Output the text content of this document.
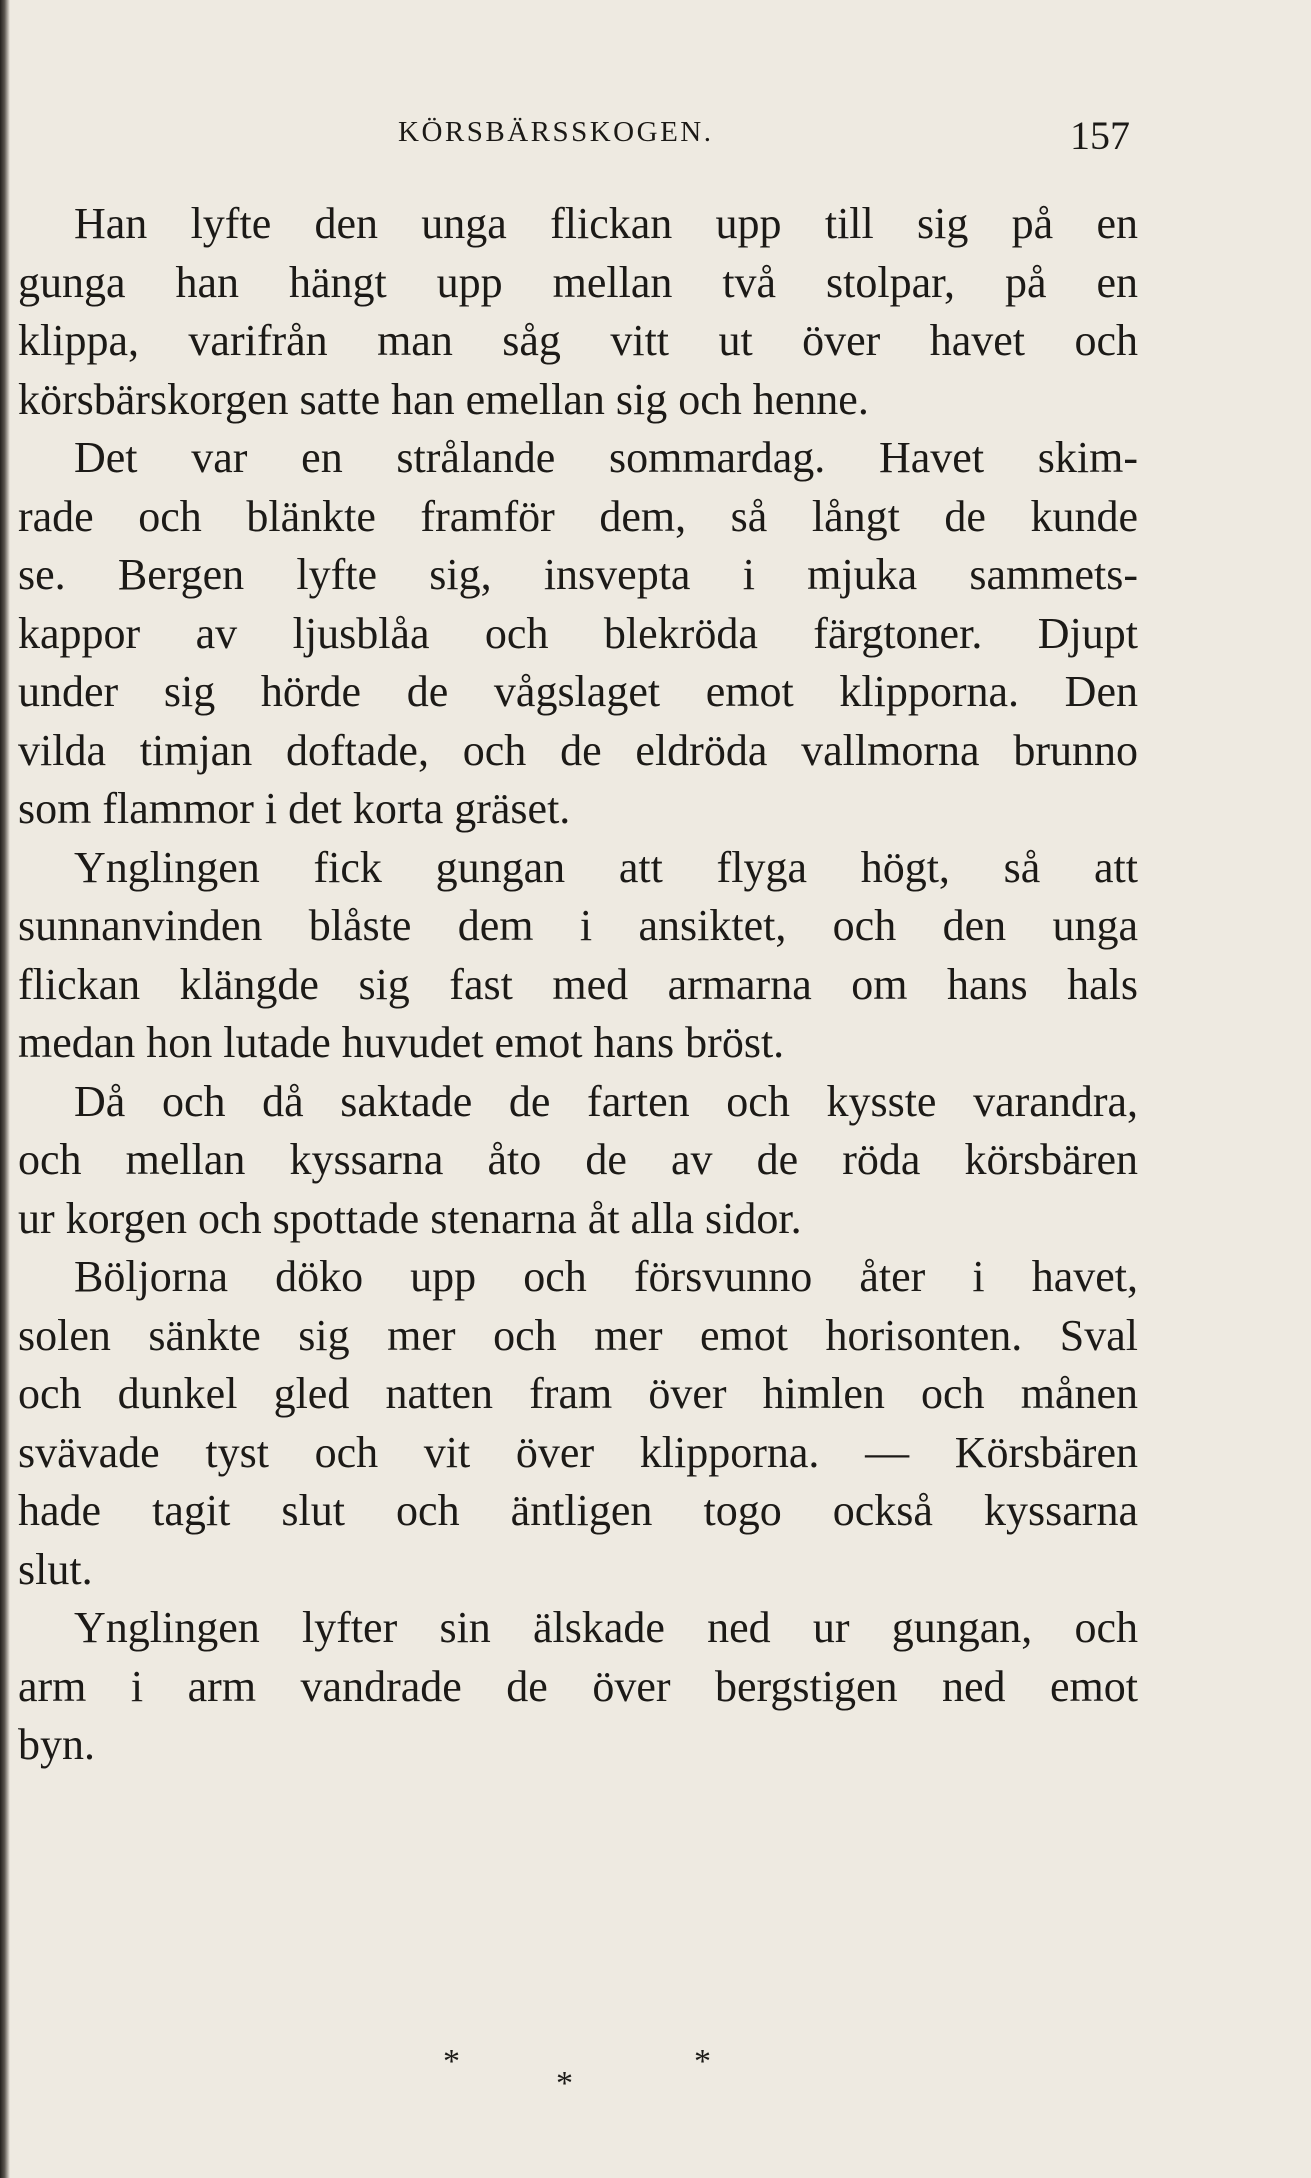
KÖRSBÄRSSKOGEN.	157
Han lyfte den unga flickan upp till sig på en
gunga han hängt upp mellan två stolpar, på en
klippa, varifrån man såg vitt ut över havet och
körsbärskorgen satte han emellan sig och henne.
Det var en strålande sommardag. Havet skim-
rade och blänkte framför dem, så långt de kunde
se. Bergen lyfte sig, insvepta i mjuka sammets-
kappor av ljusblåa och blekröda färgtoner. Djupt
under sig hörde de vågslaget emot klipporna. Den
vilda timjan doftade, och de eldröda vallmorna brunno
som flammor i det korta gräset.
Ynglingen fick gungan att flyga högt, så att
sunnanvinden blåste dem i ansiktet, och den unga
flickan klängde sig fast med armarna om hans hals
medan hon lutade huvudet emot hans bröst.
Då och då saktade de farten och kysste varandra,
och mellan kyssarna åto de av de röda körsbären
ur korgen och spottade stenarna åt alla sidor.
Böljorna döko upp och försvunno åter i havet,
solen sänkte sig mer och mer emot horisonten. Sval
och dunkel gled natten fram över himlen och månen
svävade tyst och vit över klipporna. — Körsbären
hade tagit slut och äntligen togo också kyssarna
slut.
Ynglingen lyfter sin älskade ned ur gungan, och
arm i arm vandrade de över bergstigen ned emot
byn.
*
*
*
